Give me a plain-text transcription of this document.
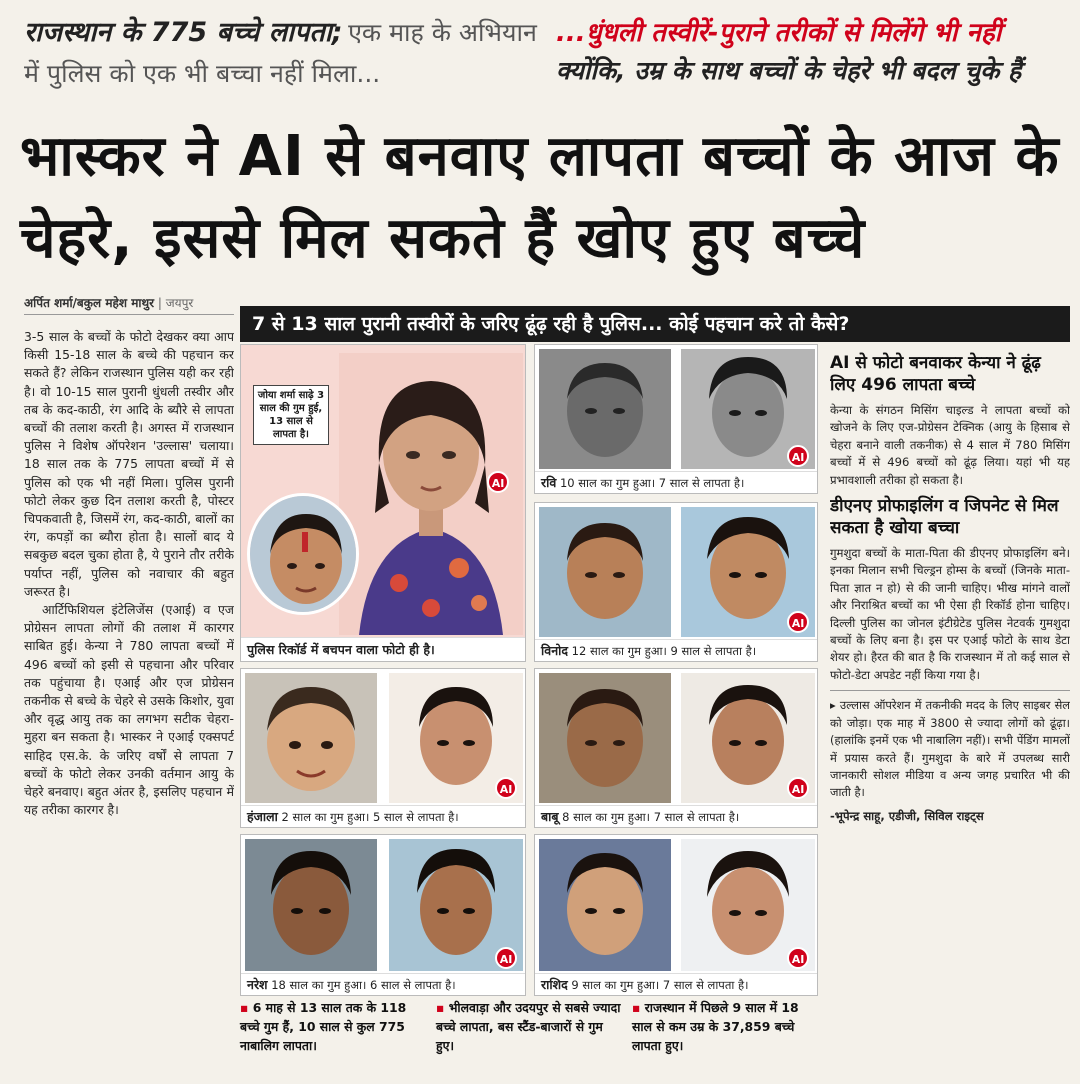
राजस्थान के 775 बच्चे लापता; एक माह के अभियान में पुलिस को एक भी बच्चा नहीं मिला...
...धुंधली तस्वीरें-पुराने तरीकों से मिलेंगे भी नहीं
क्योंकि, उम्र के साथ बच्चों के चेहरे भी बदल चुके हैं
भास्कर ने AI से बनवाए लापता बच्चों के आज के चेहरे, इससे मिल सकते हैं खोए हुए बच्चे
अर्पित शर्मा/बकुल महेश माथुर | जयपुर

3-5 साल के बच्चों के फोटो देखकर क्या आप किसी 15-18 साल के बच्चे की पहचान कर सकते हैं? लेकिन राजस्थान पुलिस यही कर रही है। वो 10-15 साल पुरानी धुंधली तस्वीर और तब के कद-काठी, रंग आदि के ब्यौरे से लापता बच्चों की तलाश करती है। अगस्त में राजस्थान पुलिस ने विशेष ऑपरेशन 'उल्लास' चलाया। 18 साल तक के 775 लापता बच्चों में से पुलिस को एक भी नहीं मिला। पुलिस पुरानी फोटो लेकर कुछ दिन तलाश करती है, पोस्टर चिपकवाती है, जिसमें रंग, कद-काठी, बालों का रंग, कपड़ों का ब्यौरा होता है। सालों बाद ये सबकुछ बदल चुका होता है, ये पुराने तौर तरीके पर्याप्त नहीं, पुलिस को नवाचार की बहुत जरूरत है।

आर्टिफिशियल इंटेलिजेंस (एआई) व एज प्रोग्रेसन लापता लोगों की तलाश में कारगर साबित हुई। केन्या ने 780 लापता बच्चों में 496 बच्चों को इसी से पहचाना और परिवार तक पहुंचाया है। एआई और एज प्रोग्रेसन तकनीक से बच्चे के चेहरे से उसके किशोर, युवा और वृद्ध आयु तक का लगभग सटीक चेहरा-मुहरा बन सकता है। भास्कर ने एआई एक्सपर्ट साहिद एस.के. के जरिए वर्षों से लापता 7 बच्चों के फोटो लेकर उनकी वर्तमान आयु के चेहरे बनवाए। बहुत अंतर है, इसलिए पहचान में यह तरीका कारगर है।

7 से 13 साल पुरानी तस्वीरों के जरिए ढूंढ़ रही है पुलिस... कोई पहचान करे तो कैसे?
जोया शर्मा साढ़े 3 साल की गुम हुई, 13 साल से लापता है।
AI
पुलिस रिकॉर्ड में बचपन वाला फोटो ही है।
AI
रवि 10 साल का गुम हुआ। 7 साल से लापता है।
AI
विनोद 12 साल का गुम हुआ। 9 साल से लापता है।
AI
हंजाला 2 साल का गुम हुआ। 5 साल से लापता है।
AI
बाबू 8 साल का गुम हुआ। 7 साल से लापता है।
AI
नरेश 18 साल का गुम हुआ। 6 साल से लापता है।
AI
राशिद 9 साल का गुम हुआ। 7 साल से लापता है।
▪ 6 माह से 13 साल तक के 118 बच्चे गुम हैं, 10 साल से कुल 775 नाबालिग लापता।
▪ भीलवाड़ा और उदयपुर से सबसे ज्यादा बच्चे लापता, बस स्टैंड-बाजारों से गुम हुए।
▪ राजस्थान में पिछले 9 साल में 18 साल से कम उम्र के 37,859 बच्चे लापता हुए।
AI से फोटो बनवाकर केन्या ने ढूंढ़ लिए 496 लापता बच्चे

केन्या के संगठन मिसिंग चाइल्ड ने लापता बच्चों को खोजने के लिए एज-प्रोग्रेसन टेक्निक (आयु के हिसाब से चेहरा बनाने वाली तकनीक) से 4 साल में 780 मिसिंग बच्चों में से 496 बच्चों को ढूंढ़ लिया। यहां भी यह प्रभावशाली तरीका हो सकता है।

डीएनए प्रोफाइलिंग व जिपनेट से मिल सकता है खोया बच्चा

गुमशुदा बच्चों के माता-पिता की डीएनए प्रोफाइलिंग बने। इनका मिलान सभी चिल्ड्रन होम्स के बच्चों (जिनके माता-पिता ज्ञात न हो) से की जानी चाहिए। भीख मांगने वालों और निराश्रित बच्चों का भी ऐसा ही रिकॉर्ड होना चाहिए। दिल्ली पुलिस का जोनल इंटीग्रेटेड पुलिस नेटवर्क गुमशुदा बच्चों के लिए बना है। इस पर एआई फोटो के साथ डेटा शेयर हो। हैरत की बात है कि राजस्थान में तो कई साल से फोटो-डेटा अपडेट नहीं किया गया है।

▸ उल्लास ऑपरेशन में तकनीकी मदद के लिए साइबर सेल को जोड़ा। एक माह में 3800 से ज्यादा लोगों को ढूंढ़ा। (हालांकि इनमें एक भी नाबालिग नहीं)। सभी पेंडिंग मामलों में प्रयास करते हैं। गुमशुदा के बारे में उपलब्ध सारी जानकारी सोशल मीडिया व अन्य जगह प्रचारित भी की जाती है।

-भूपेन्द्र साहू, एडीजी, सिविल राइट्स
